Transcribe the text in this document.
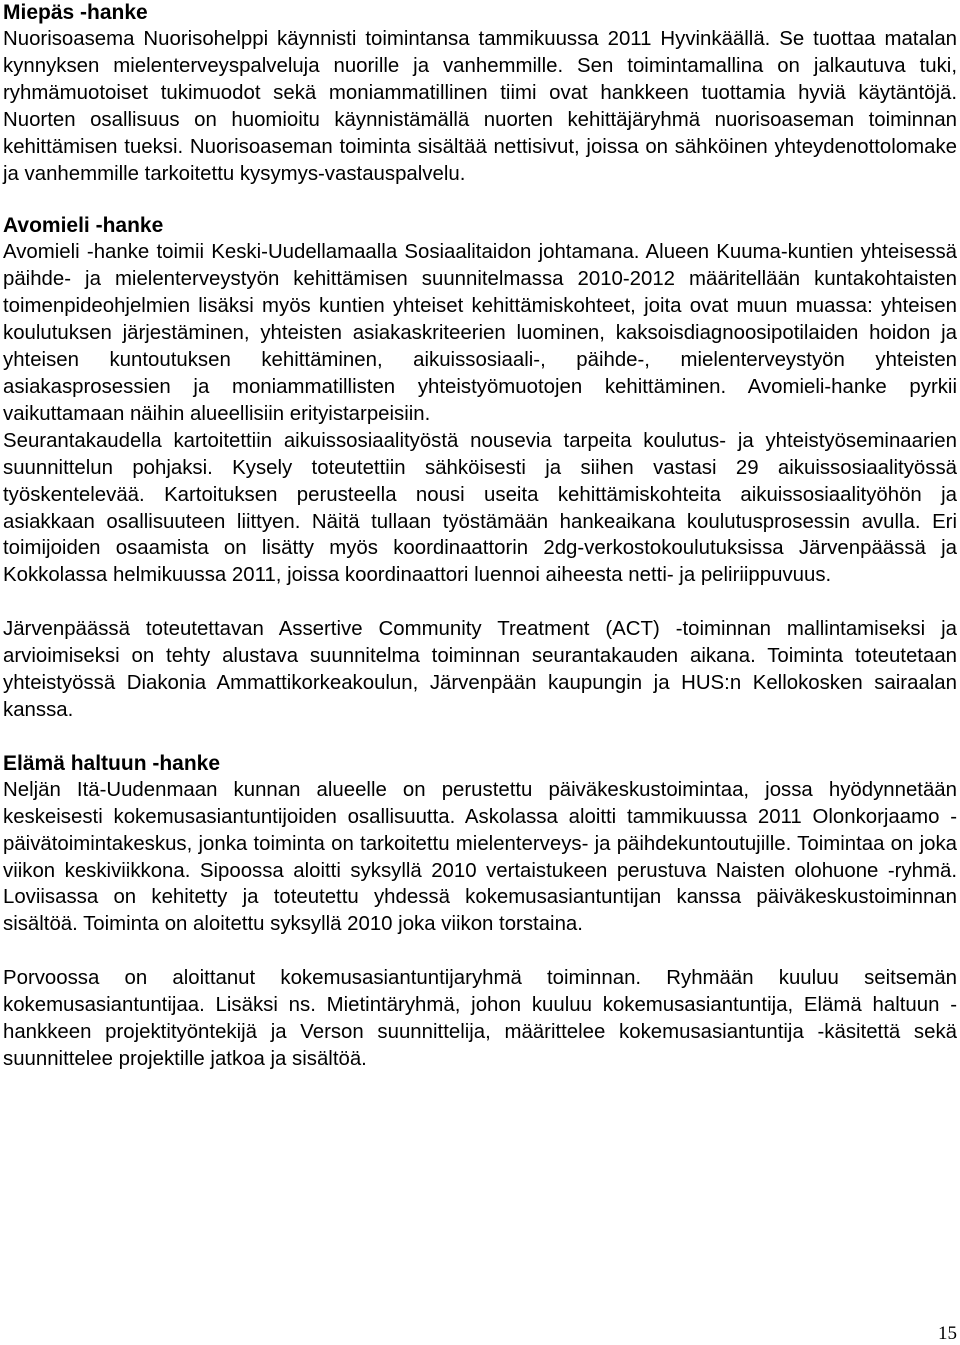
Miepäs -hanke

Nuorisoasema Nuorisohelppi käynnisti toimintansa tammikuussa 2011 Hyvinkäällä. Se tuottaa matalan kynnyksen mielenterveyspalveluja nuorille ja vanhemmille. Sen toimintamallina on jalkautuva tuki, ryhmämuotoiset tukimuodot sekä moniammatillinen tiimi ovat hankkeen tuottamia hyviä käytäntöjä. Nuorten osallisuus on huomioitu käynnistämällä nuorten kehittäjäryhmä nuorisoaseman toiminnan kehittämisen tueksi. Nuorisoaseman toiminta sisältää nettisivut, joissa on sähköinen yhteydenottolomake ja vanhemmille tarkoitettu kysymys-vastauspalvelu.

Avomieli -hanke

Avomieli -hanke toimii Keski-Uudellamaalla Sosiaalitaidon johtamana. Alueen Kuuma-kuntien yhteisessä päihde- ja mielenterveystyön kehittämisen suunnitelmassa 2010-2012 määritellään kuntakohtaisten toimenpideohjelmien lisäksi myös kuntien yhteiset kehittämiskohteet, joita ovat muun muassa: yhteisen koulutuksen järjestäminen, yhteisten asiakaskriteerien luominen, kaksoisdiagnoosipotilaiden hoidon ja yhteisen kuntoutuksen kehittäminen, aikuissosiaali-, päihde-, mielenterveystyön yhteisten asiakasprosessien ja moniammatillisten yhteistyömuotojen kehittäminen. Avomieli-hanke pyrkii vaikuttamaan näihin alueellisiin erityistarpeisiin.

Seurantakaudella kartoitettiin aikuissosiaalityöstä nousevia tarpeita koulutus- ja yhteistyöseminaarien suunnittelun pohjaksi. Kysely toteutettiin sähköisesti ja siihen vastasi 29 aikuissosiaalityössä työskentelevää. Kartoituksen perusteella nousi useita kehittämiskohteita aikuissosiaalityöhön ja asiakkaan osallisuuteen liittyen. Näitä tullaan työstämään hankeaikana koulutusprosessin avulla. Eri toimijoiden osaamista on lisätty myös koordinaattorin 2dg-verkostokoulutuksissa Järvenpäässä ja Kokkolassa helmikuussa 2011, joissa koordinaattori luennoi aiheesta netti- ja peliriippuvuus.

Järvenpäässä toteutettavan Assertive Community Treatment (ACT) -toiminnan mallintamiseksi ja arvioimiseksi on tehty alustava suunnitelma toiminnan seurantakauden aikana. Toiminta toteutetaan yhteistyössä Diakonia Ammattikorkeakoulun, Järvenpään kaupungin ja HUS:n Kellokosken sairaalan kanssa.

Elämä haltuun -hanke

Neljän Itä-Uudenmaan kunnan alueelle on perustettu päiväkeskustoimintaa, jossa hyödynnetään keskeisesti kokemusasiantuntijoiden osallisuutta. Askolassa aloitti tammikuussa 2011 Olonkorjaamo -päivätoimintakeskus, jonka toiminta on tarkoitettu mielenterveys- ja päihdekuntoutujille. Toimintaa on joka viikon keskiviikkona. Sipoossa aloitti syksyllä 2010 vertaistukeen perustuva Naisten olohuone -ryhmä. Loviisassa on kehitetty ja toteutettu yhdessä kokemusasiantuntijan kanssa päiväkeskustoiminnan sisältöä. Toiminta on aloitettu syksyllä 2010 joka viikon torstaina.

Porvoossa on aloittanut kokemusasiantuntijaryhmä toiminnan. Ryhmään kuuluu seitsemän kokemusasiantuntijaa. Lisäksi ns. Mietintäryhmä, johon kuuluu kokemusasiantuntija, Elämä haltuun -hankkeen projektityöntekijä ja Verson suunnittelija, määrittelee kokemusasiantuntija -käsitettä sekä suunnittelee projektille jatkoa ja sisältöä.

15
